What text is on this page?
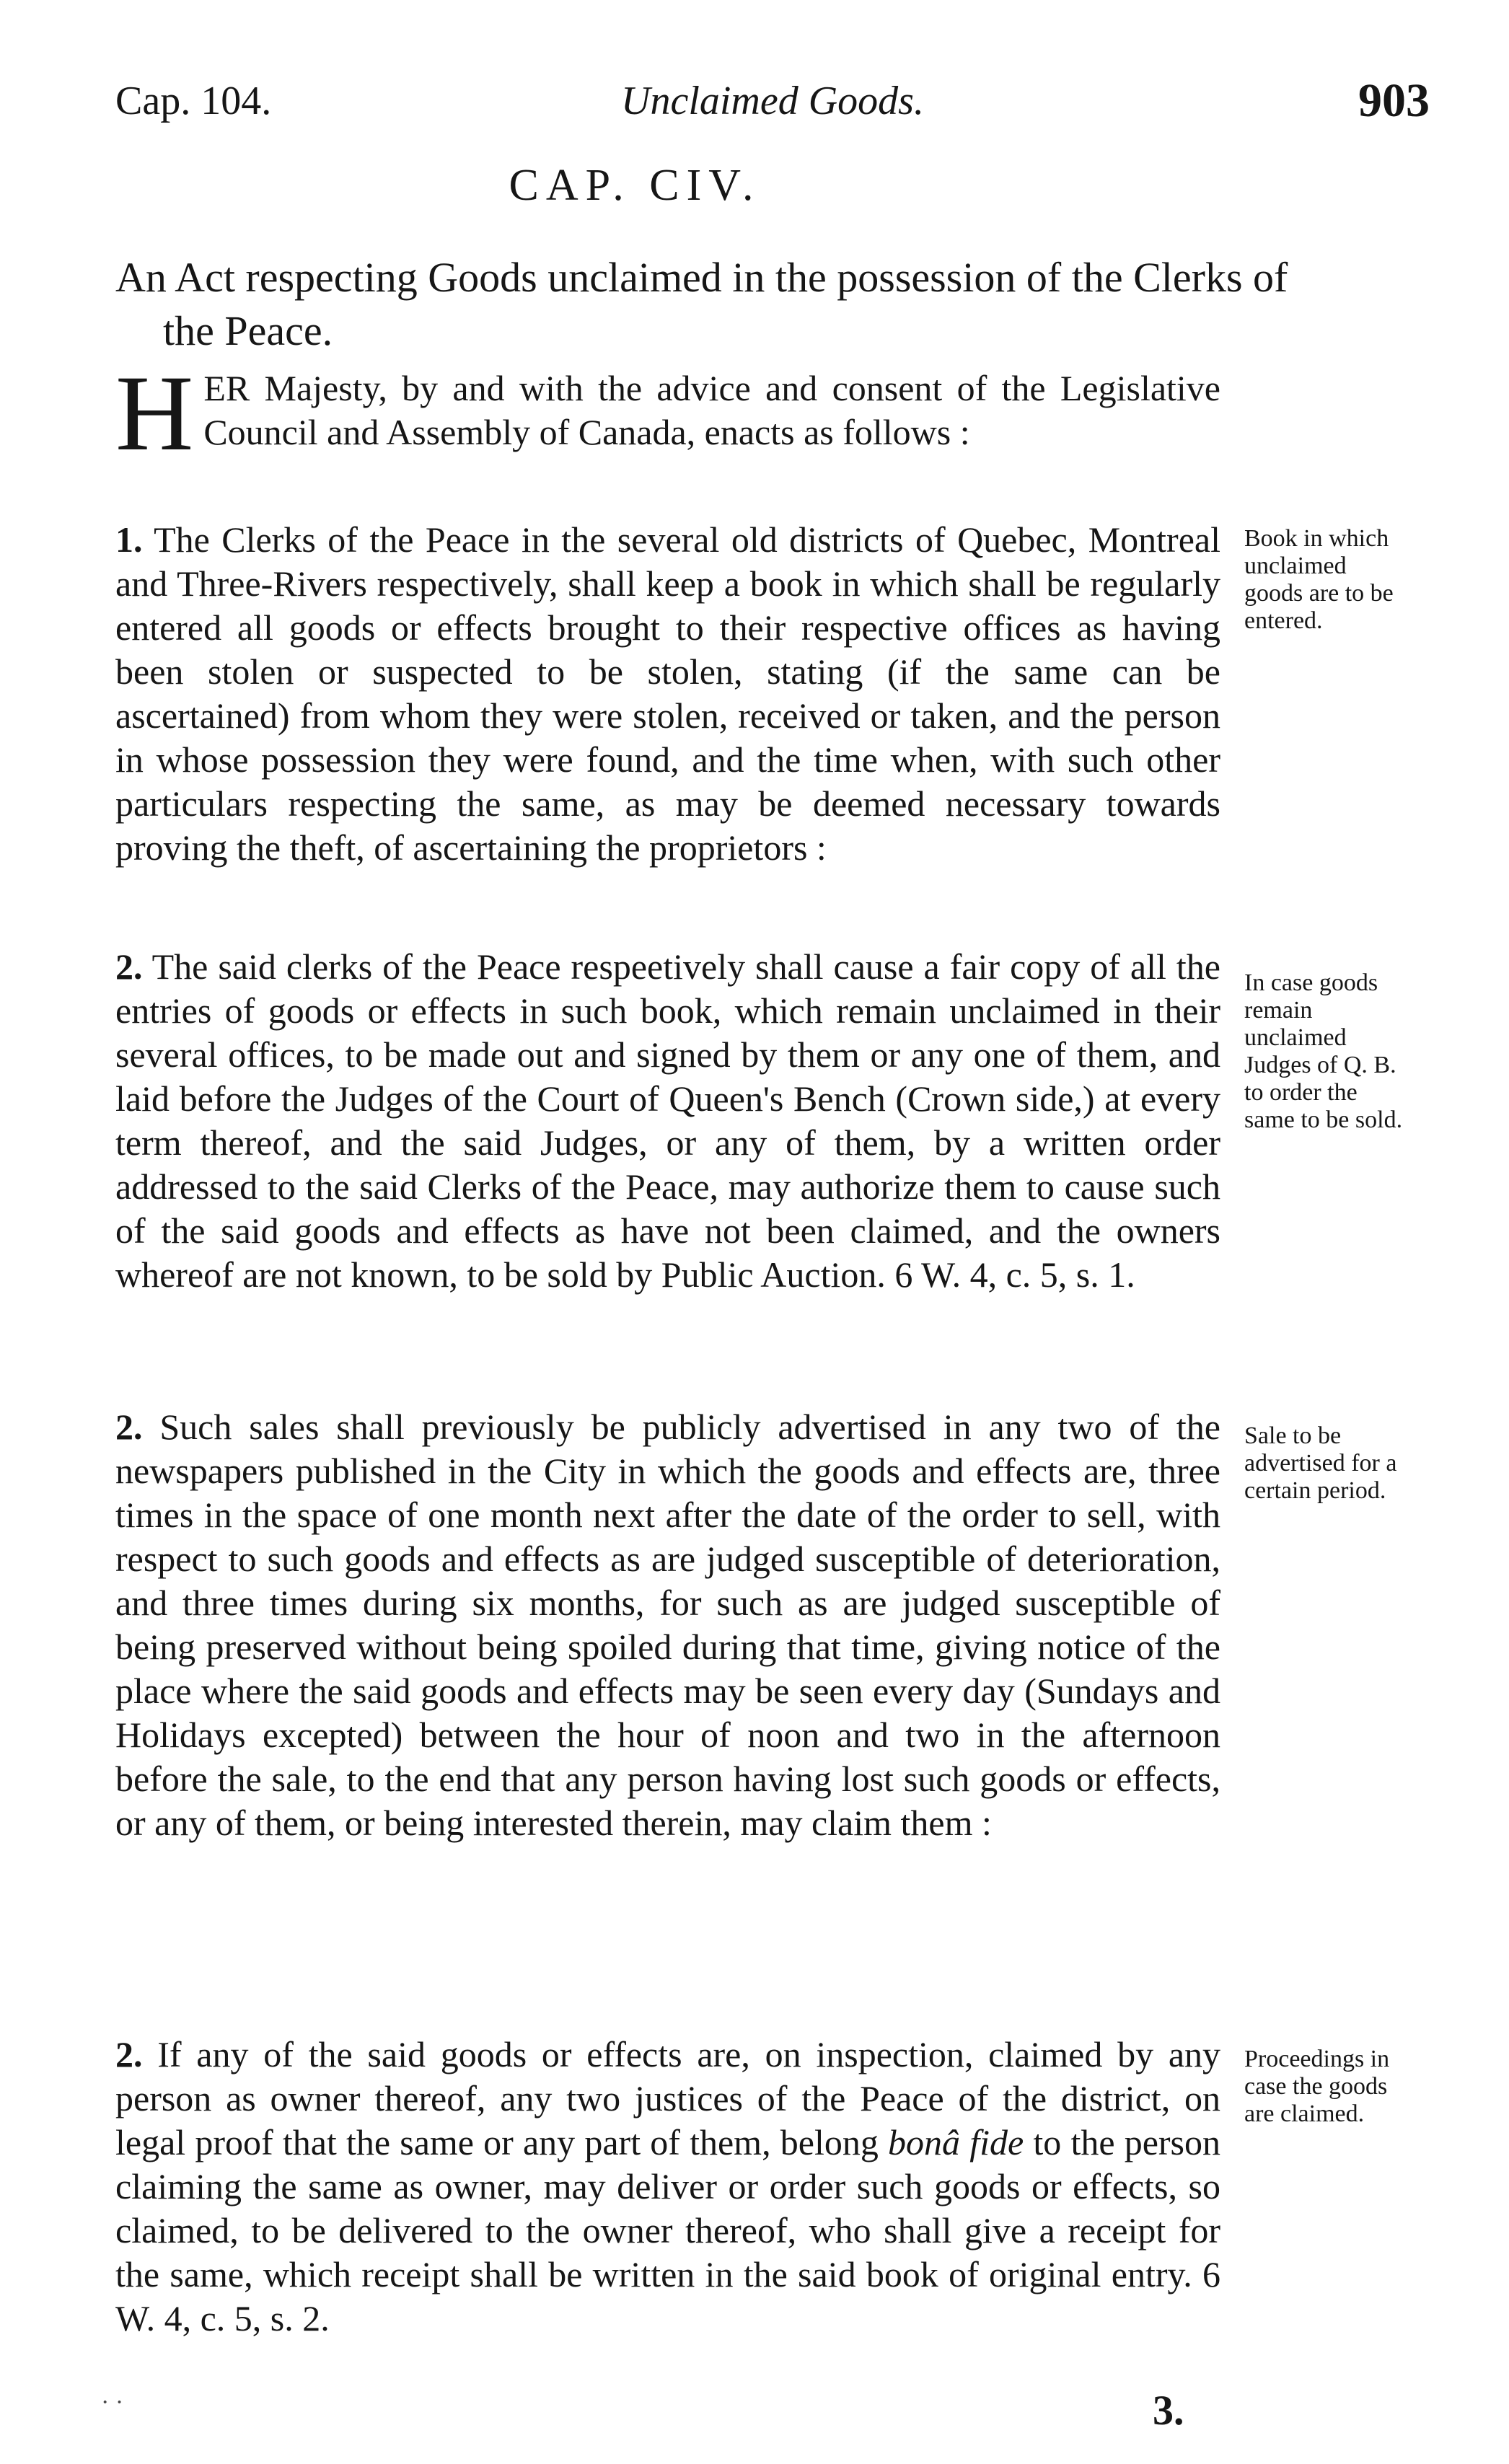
Cap. 104.	Unclaimed Goods.	903
CAP. CIV.
An Act respecting Goods unclaimed in the possession of the Clerks of the Peace.
HER Majesty, by and with the advice and consent of the Legislative Council and Assembly of Canada, enacts as follows :
1. The Clerks of the Peace in the several old districts of Quebec, Montreal and Three-Rivers respectively, shall keep a book in which shall be regularly entered all goods or effects brought to their respective offices as having been stolen or suspected to be stolen, stating (if the same can be ascertained) from whom they were stolen, received or taken, and the person in whose possession they were found, and the time when, with such other particulars respecting the same, as may be deemed necessary towards proving the theft, of ascertaining the proprietors :
Book in which unclaimed goods are to be entered.
2. The said clerks of the Peace respeetively shall cause a fair copy of all the entries of goods or effects in such book, which remain unclaimed in their several offices, to be made out and signed by them or any one of them, and laid before the Judges of the Court of Queen's Bench (Crown side,) at every term thereof, and the said Judges, or any of them, by a written order addressed to the said Clerks of the Peace, may authorize them to cause such of the said goods and effects as have not been claimed, and the owners whereof are not known, to be sold by Public Auction. 6 W. 4, c. 5, s. 1.
In case goods remain unclaimed Judges of Q. B. to order the same to be sold.
2. Such sales shall previously be publicly advertised in any two of the newspapers published in the City in which the goods and effects are, three times in the space of one month next after the date of the order to sell, with respect to such goods and effects as are judged susceptible of deterioration, and three times during six months, for such as are judged susceptible of being preserved without being spoiled during that time, giving notice of the place where the said goods and effects may be seen every day (Sundays and Holidays excepted) between the hour of noon and two in the afternoon before the sale, to the end that any person having lost such goods or effects, or any of them, or being interested therein, may claim them :
Sale to be advertised for a certain period.
2. If any of the said goods or effects are, on inspection, claimed by any person as owner thereof, any two justices of the Peace of the district, on legal proof that the same or any part of them, belong bonâ fide to the person claiming the same as owner, may deliver or order such goods or effects, so claimed, to be delivered to the owner thereof, who shall give a receipt for the same, which receipt shall be written in the said book of original entry. 6 W. 4, c. 5, s. 2.
Proceedings in case the goods are claimed.
· ·	3.
